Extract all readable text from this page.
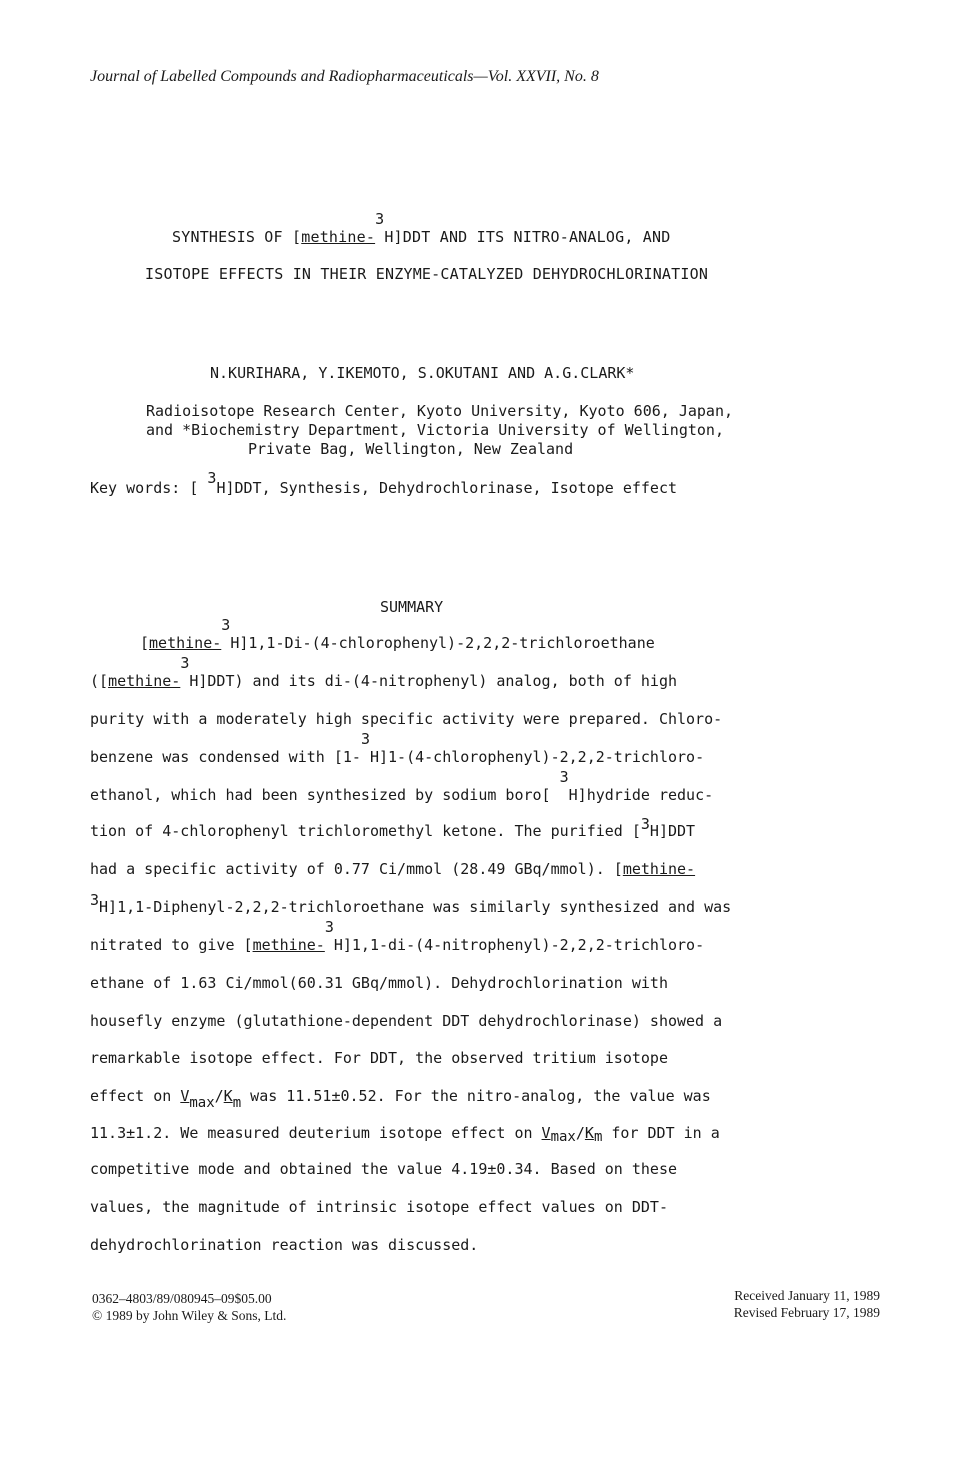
Journal of Labelled Compounds and Radiopharmaceuticals—Vol. XXVII, No. 8
SYNTHESIS OF [methine-3H]DDT AND ITS NITRO-ANALOG, AND
ISOTOPE EFFECTS IN THEIR ENZYME-CATALYZED DEHYDROCHLORINATION
N.KURIHARA, Y.IKEMOTO, S.OKUTANI AND A.G.CLARK*
Radioisotope Research Center, Kyoto University, Kyoto 606, Japan,
and *Biochemistry Department, Victoria University of Wellington,
Private Bag, Wellington, New Zealand
Key words: [ 3H]DDT, Synthesis, Dehydrochlorinase, Isotope effect
SUMMARY
[methine-3H]1,1-Di-(4-chlorophenyl)-2,2,2-trichloroethane
([methine-3H]DDT) and its di-(4-nitrophenyl) analog, both of high
purity with a moderately high specific activity were prepared. Chloro-
benzene was condensed with [1-3H]1-(4-chlorophenyl)-2,2,2-trichloro-
ethanol, which had been synthesized by sodium boro[ 3H]hydride reduc-
tion of 4-chlorophenyl trichloromethyl ketone. The purified [3H]DDT
had a specific activity of 0.77 Ci/mmol (28.49 GBq/mmol). [methine-
3H]1,1-Diphenyl-2,2,2-trichloroethane was similarly synthesized and was
nitrated to give [methine-3H]1,1-di-(4-nitrophenyl)-2,2,2-trichloro-
ethane of 1.63 Ci/mmol(60.31 GBq/mmol). Dehydrochlorination with
housefly enzyme (glutathione-dependent DDT dehydrochlorinase) showed a
remarkable isotope effect. For DDT, the observed tritium isotope
effect on Vmax/Km was 11.51±0.52. For the nitro-analog, the value was
11.3±1.2. We measured deuterium isotope effect on Vmax/Km for DDT in a
competitive mode and obtained the value 4.19±0.34. Based on these
values, the magnitude of intrinsic isotope effect values on DDT-
dehydrochlorination reaction was discussed.
0362–4803/89/080945–09$05.00
© 1989 by John Wiley & Sons, Ltd.
Received January 11, 1989
Revised February 17, 1989
